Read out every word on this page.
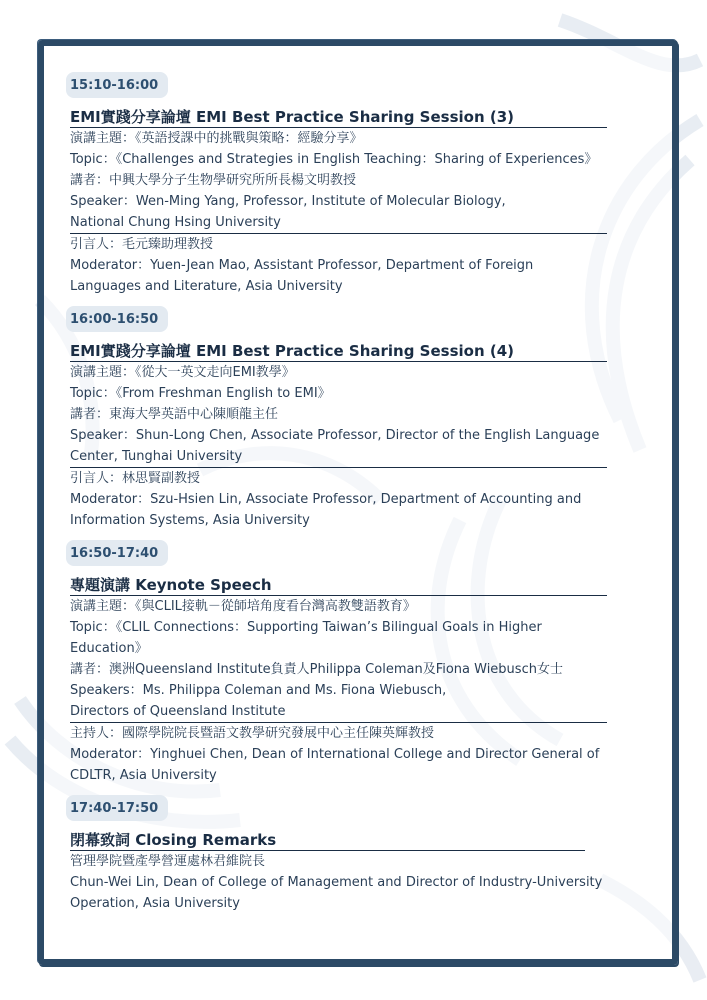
15:10-16:00
EMI實踐分享論壇 EMI Best Practice Sharing Session (3)
演講主題：《英語授課中的挑戰與策略：經驗分享》
Topic：《Challenges and Strategies in English Teaching：Sharing of Experiences》
講者：中興大學分子生物學研究所所長楊文明教授
Speaker：Wen-Ming Yang, Professor, Institute of Molecular Biology,
National Chung Hsing University
引言人：毛元臻助理教授
Moderator：Yuen-Jean Mao, Assistant Professor, Department of Foreign
Languages and Literature, Asia University
16:00-16:50
EMI實踐分享論壇 EMI Best Practice Sharing Session (4)
演講主題：《從大一英文走向EMI教學》
Topic：《From Freshman English to EMI》
講者：東海大學英語中心陳順龍主任
Speaker：Shun-Long Chen, Associate Professor, Director of the English Language
Center, Tunghai University
引言人：林思賢副教授
Moderator：Szu-Hsien Lin, Associate Professor, Department of Accounting and
Information Systems, Asia University
16:50-17:40
專題演講 Keynote Speech
演講主題：《與CLIL接軌－從師培角度看台灣高教雙語教育》
Topic：《CLIL Connections：Supporting Taiwan’s Bilingual Goals in Higher
Education》
講者：澳洲Queensland Institute負責人Philippa Coleman及Fiona Wiebusch女士
Speakers：Ms. Philippa Coleman and Ms. Fiona Wiebusch,
Directors of Queensland Institute
主持人：國際學院院長暨語文教學研究發展中心主任陳英輝教授
Moderator：Yinghuei Chen, Dean of International College and Director General of
CDLTR, Asia University
17:40-17:50
閉幕致詞 Closing Remarks
管理學院暨產學營運處林君維院長
Chun-Wei Lin, Dean of College of Management and Director of Industry-University
Operation, Asia University
